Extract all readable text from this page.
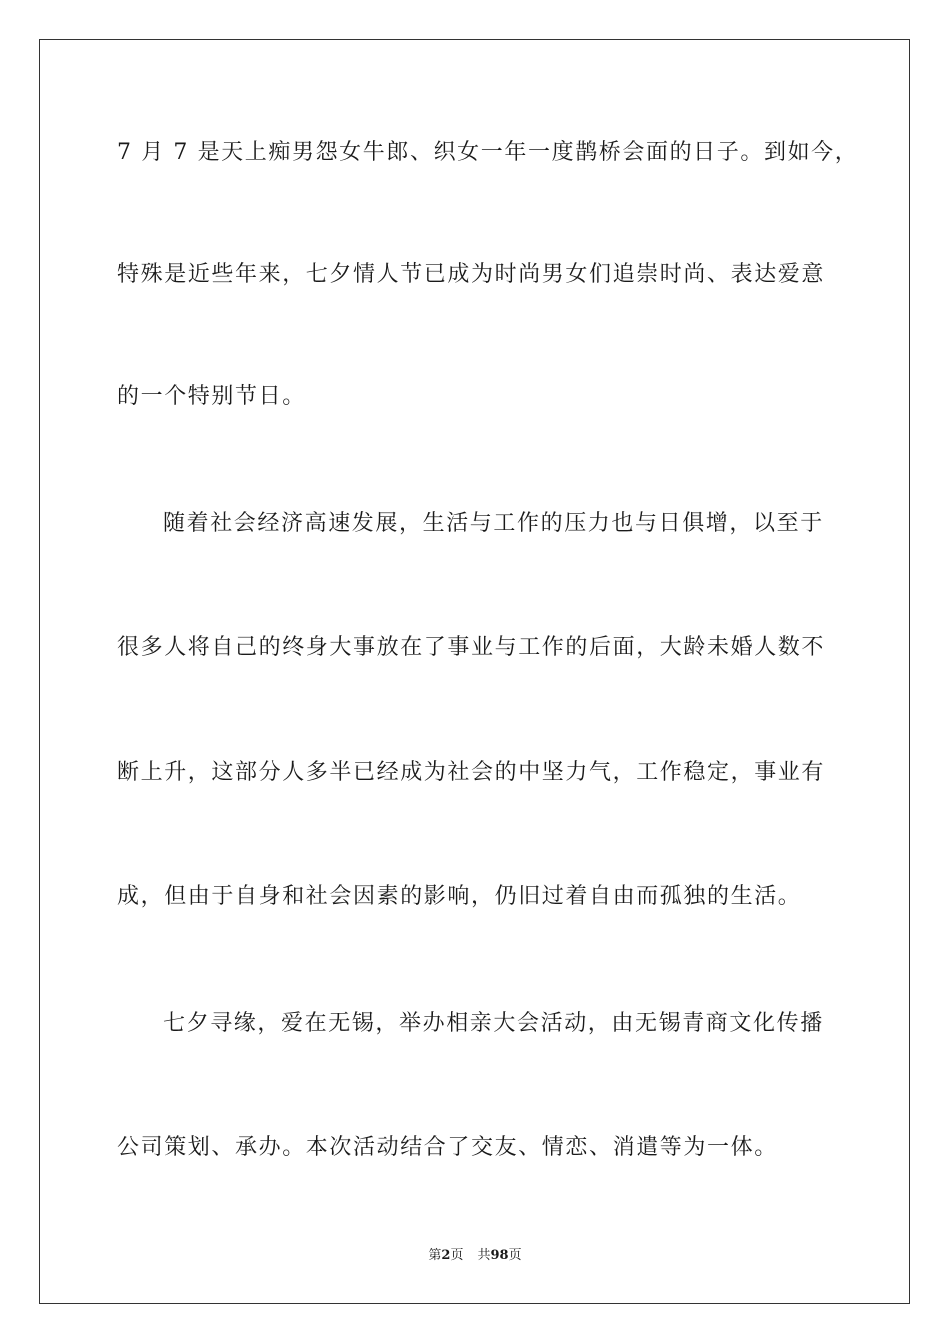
7 月 7 是天上痴男怨女牛郎、织女一年一度鹊桥会面的日子。到如今，
特殊是近些年来，七夕情人节已成为时尚男女们追崇时尚、表达爱意
的一个特别节日。
随着社会经济高速发展，生活与工作的压力也与日俱增，以至于
很多人将自己的终身大事放在了事业与工作的后面，大龄未婚人数不
断上升，这部分人多半已经成为社会的中坚力气，工作稳定，事业有
成，但由于自身和社会因素的影响，仍旧过着自由而孤独的生活。
七夕寻缘，爱在无锡，举办相亲大会活动，由无锡青商文化传播
公司策划、承办。本次活动结合了交友、情恋、消遣等为一体。
第2页 共98页
